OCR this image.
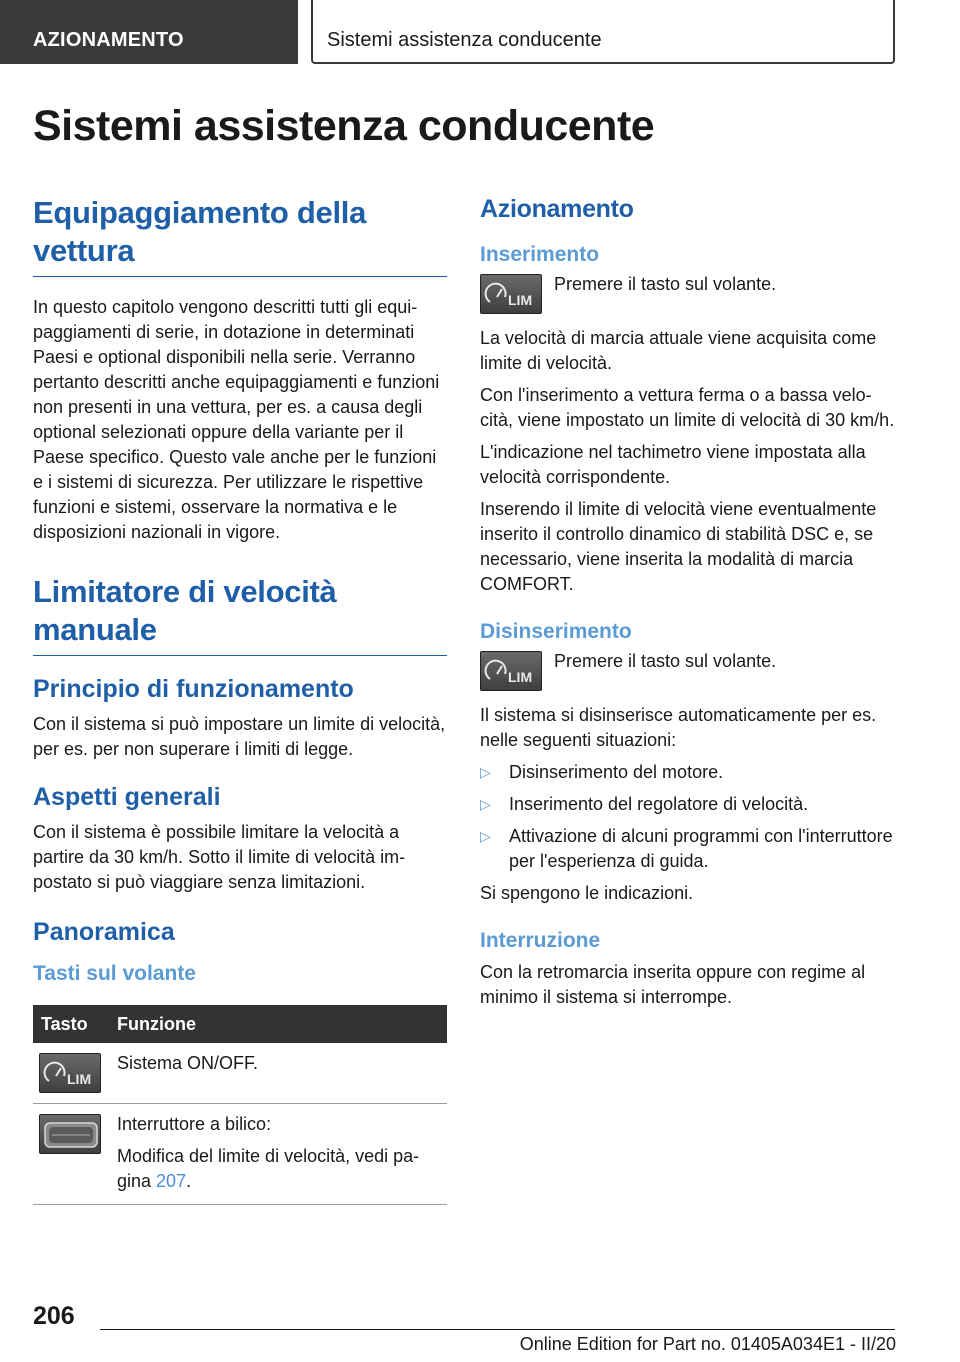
AZIONAMENTO	Sistemi assistenza conducente
Sistemi assistenza conducente
Equipaggiamento della vettura

In questo capitolo vengono descritti tutti gli equipaggiamenti di serie, in dotazione in determinati Paesi e optional disponibili nella serie. Verranno pertanto descritti anche equipaggiamenti e funzioni non presenti in una vettura, per es. a causa degli optional selezionati oppure della variante per il Paese specifico. Questo vale anche per le funzioni e i sistemi di sicurezza. Per utilizzare le rispettive funzioni e sistemi, osservare la normativa e le disposizioni nazionali in vigore.

Limitatore di velocità manuale
Principio di funzionamento

Con il sistema si può impostare un limite di velocità, per es. per non superare i limiti di legge.

Aspetti generali

Con il sistema è possibile limitare la velocità a partire da 30 km/h. Sotto il limite di velocità impostato si può viaggiare senza limitazioni.

Panoramica
Tasti sul volante
Tasto	Funzione

LIM	Sistema ON/OFF.

Interruttore a bilico:

Modifica del limite di velocità, vedi pagina 207.

Azionamento
Inserimento
LIM

Premere il tasto sul volante.

La velocità di marcia attuale viene acquisita come limite di velocità.

Con l'inserimento a vettura ferma o a bassa velocità, viene impostato un limite di velocità di 30 km/h.

L'indicazione nel tachimetro viene impostata alla velocità corrispondente.

Inserendo il limite di velocità viene eventualmente inserito il controllo dinamico di stabilità DSC e, se necessario, viene inserita la modalità di marcia COMFORT.

Disinserimento
LIM

Premere il tasto sul volante.

Il sistema si disinserisce automaticamente per es. nelle seguenti situazioni:

▷ Disinserimento del motore.
▷ Inserimento del regolatore di velocità.
▷ Attivazione di alcuni programmi con l'interruttore per l'esperienza di guida.

Si spengono le indicazioni.

Interruzione

Con la retromarcia inserita oppure con regime al minimo il sistema si interrompe.

206
Online Edition for Part no. 01405A034E1 - II/20
